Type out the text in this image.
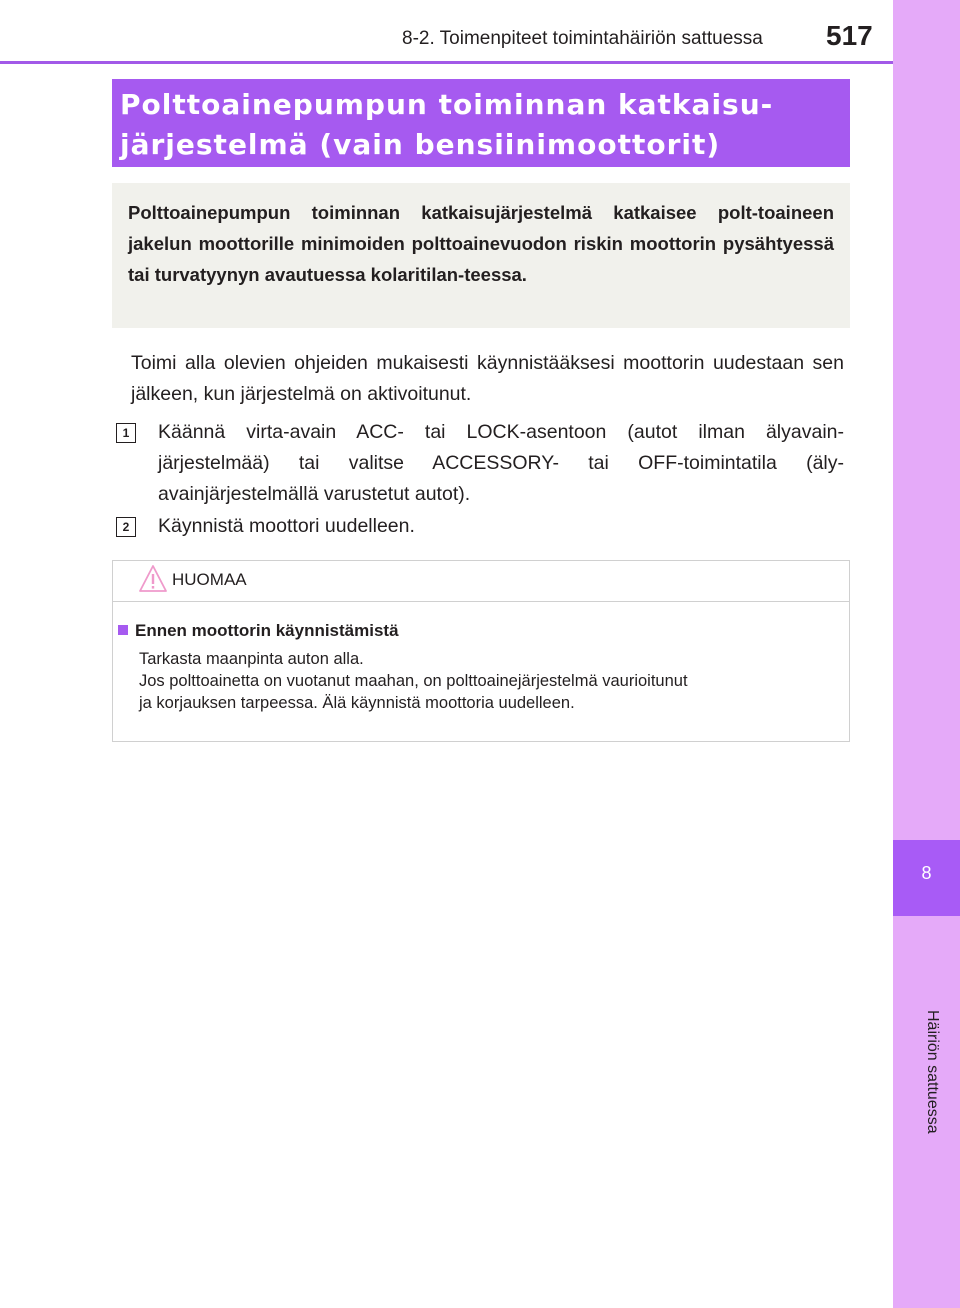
8-2. Toimenpiteet toimintahäiriön sattuessa 517
8
Häiriön sattuessa
Polttoainepumpun toiminnan katkaisu-
järjestelmä (vain bensiinimoottorit)
Polttoainepumpun toiminnan katkaisujärjestelmä katkaisee polt-toaineen jakelun moottorille minimoiden polttoainevuodon riskin moottorin pysähtyessä tai turvatyynyn avautuessa kolaritilan-teessa.

Toimi alla olevien ohjeiden mukaisesti käynnistääksesi moottorin uudestaan sen jälkeen, kun järjestelmä on aktivoitunut.

1	Käännä virta-avain ACC- tai LOCK-asentoon (autot ilman älyavain-järjestelmää) tai valitse ACCESSORY- tai OFF-toimintatila (äly-avainjärjestelmällä varustetut autot).
2	Käynnistä moottori uudelleen.
HUOMAA
Ennen moottorin käynnistämistä
Tarkasta maanpinta auton alla.
Jos polttoainetta on vuotanut maahan, on polttoainejärjestelmä vaurioitunut
ja korjauksen tarpeessa. Älä käynnistä moottoria uudelleen.
